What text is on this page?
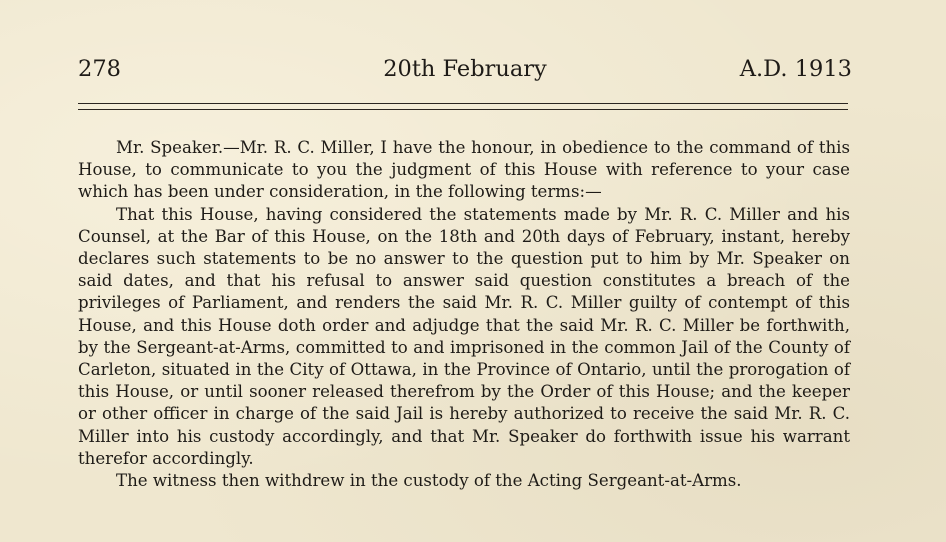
278	20th February	A.D. 1913

Mr. Speaker.—Mr. R. C. Miller, I have the honour, in obedience to the command of this House, to communicate to you the judgment of this House with reference to your case which has been under consideration, in the following terms:—

That this House, having considered the statements made by Mr. R. C. Miller and his Counsel, at the Bar of this House, on the 18th and 20th days of February, instant, hereby declares such statements to be no answer to the question put to him by Mr. Speaker on said dates, and that his refusal to answer said question constitutes a breach of the privileges of Parliament, and renders the said Mr. R. C. Miller guilty of contempt of this House, and this House doth order and adjudge that the said Mr. R. C. Miller be forthwith, by the Sergeant-at-Arms, committed to and imprisoned in the common Jail of the County of Carleton, situated in the City of Ottawa, in the Province of Ontario, until the prorogation of this House, or until sooner released therefrom by the Order of this House; and the keeper or other officer in charge of the said Jail is hereby authorized to receive the said Mr. R. C. Miller into his custody accordingly, and that Mr. Speaker do forthwith issue his warrant therefor accordingly.

The witness then withdrew in the custody of the Acting Sergeant-at-Arms.
